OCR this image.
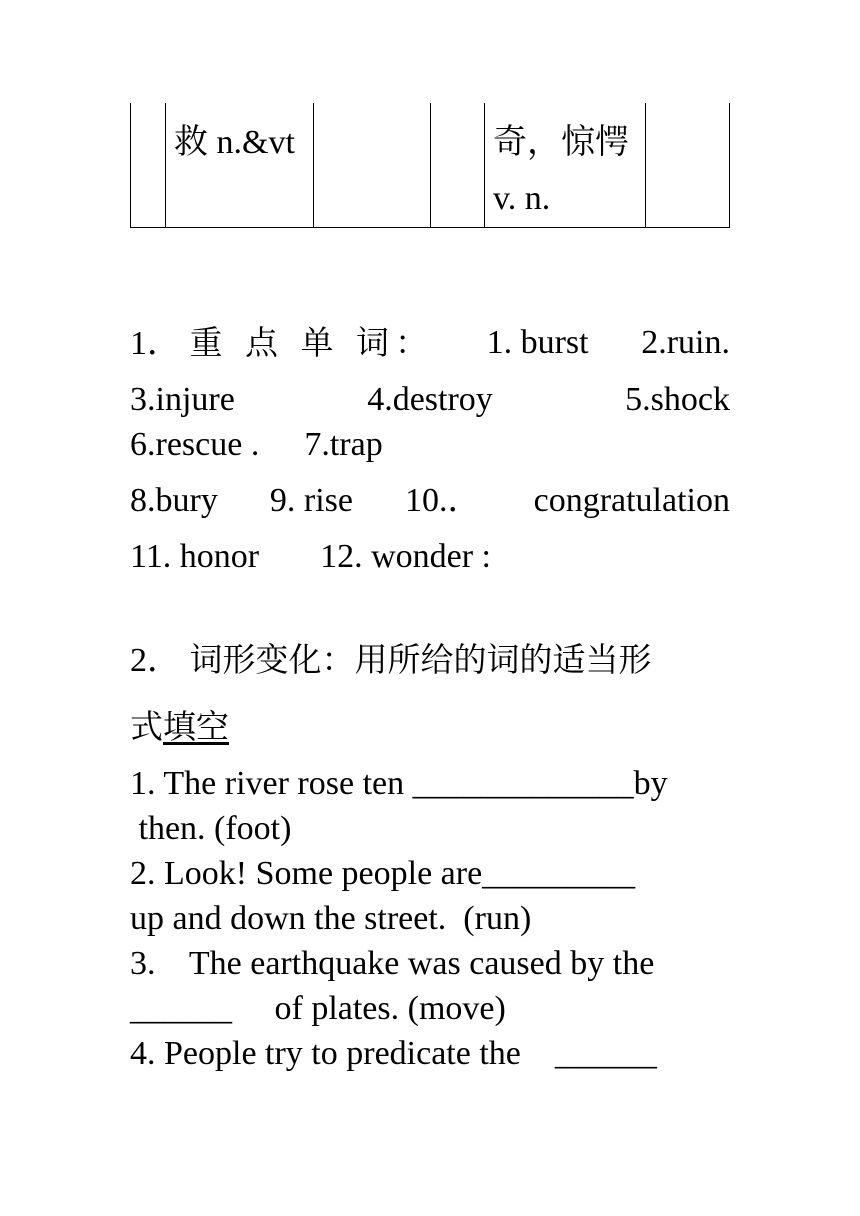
	救 n.&vt			奇，惊愕 v. n.	
1． 重 点 单 词： 1. burst 2.ruin.
3.injure	4.destroy	5.shock
6.rescue . 7.trap
8.bury 9. rise 10.． congratulation
11. honor 12. wonder :
2． 词形变化：用所给的词的适当形
式填空
1. The river rose ten _____________by
then. (foot)
2. Look! Some people are_________
up and down the street.  (run)
3.    The earthquake was caused by the
______     of plates. (move)
4. People try to predicate the    ______
